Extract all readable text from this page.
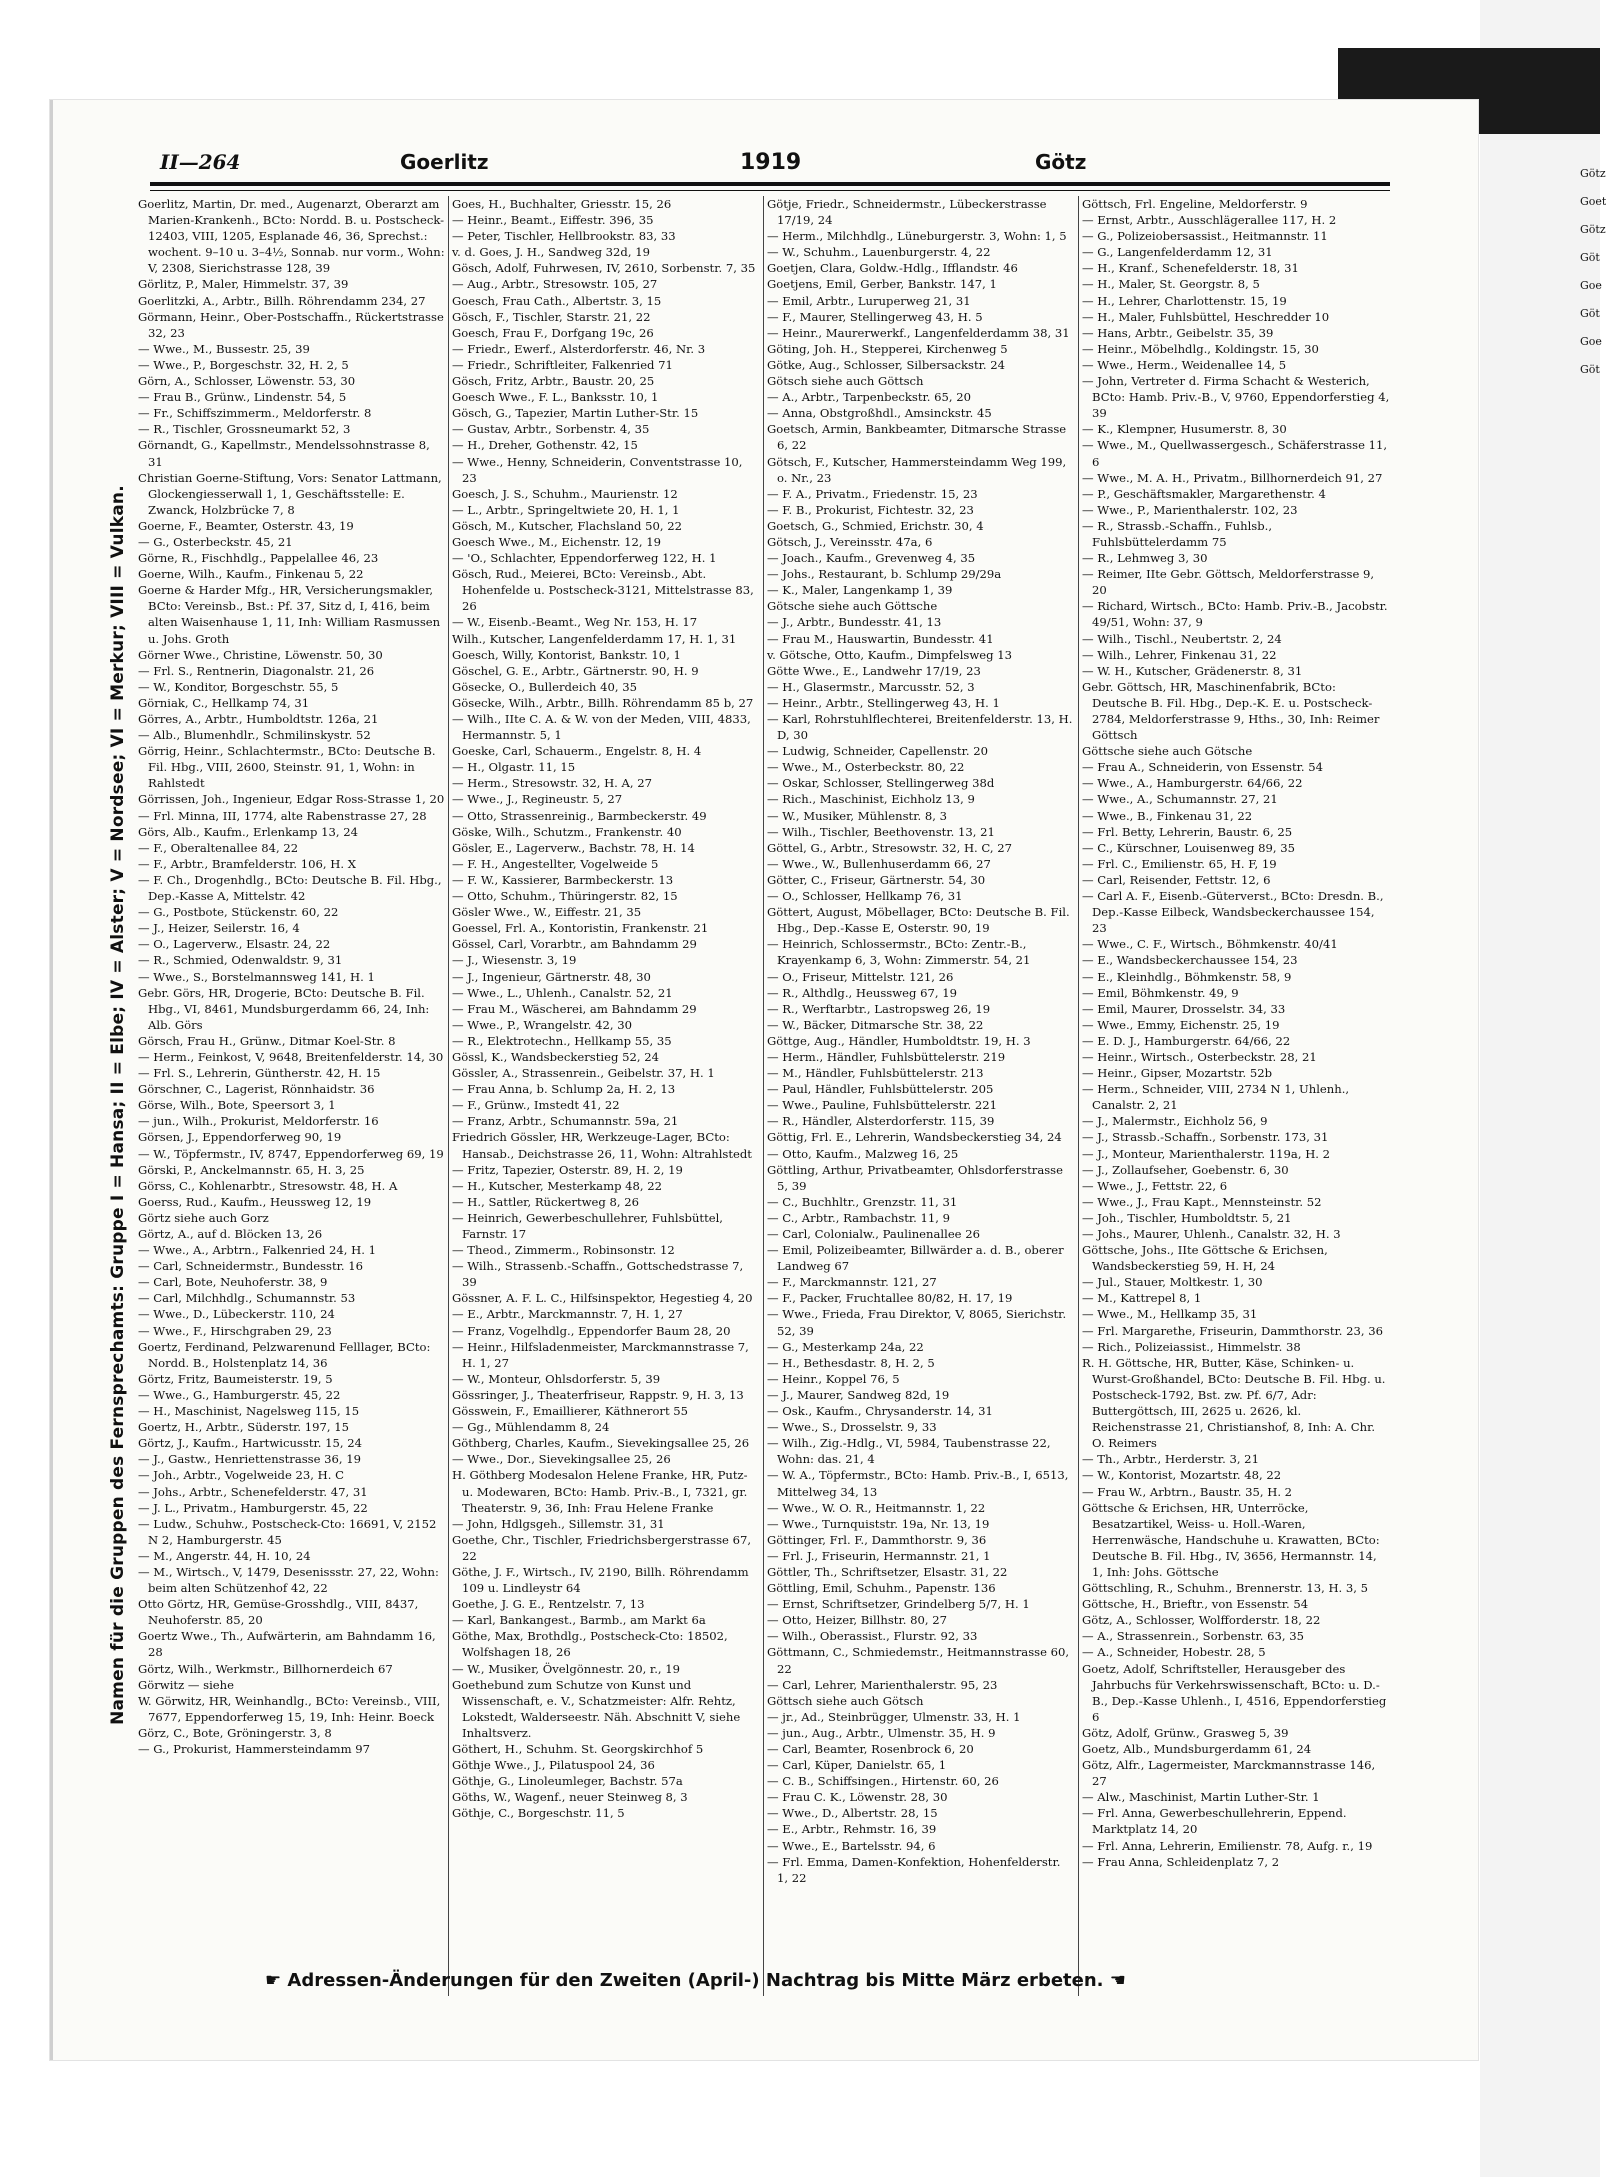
II—264	Goerlitz	1919	Götz
Namen für die Gruppen des Fernsprechamts: Gruppe I = Hansa; II = Elbe; IV = Alster; V = Nordsee; VI = Merkur; VIII = Vulkan.
Goerlitz, Martin, Dr. med., Augenarzt, Oberarzt am Marien-Krankenh., BCto: Nordd. B. u. Postscheck-12403, VIII, 1205, Esplanade 46, 36, Sprechst.: wochent. 9–10 u. 3–4½, Sonnab. nur vorm., Wohn: V, 2308, Sierichstrasse 128, 39
Görlitz, P., Maler, Himmelstr. 37, 39
Goerlitzki, A., Arbtr., Billh. Röhrendamm 234, 27
Görmann, Heinr., Ober-Postschaffn., Rückertstrasse 32, 23
— Wwe., M., Bussestr. 25, 39
— Wwe., P., Borgeschstr. 32, H. 2, 5
Görn, A., Schlosser, Löwenstr. 53, 30
— Frau B., Grünw., Lindenstr. 54, 5
— Fr., Schiffszimmerm., Meldorferstr. 8
— R., Tischler, Grossneumarkt 52, 3
Görnandt, G., Kapellmstr., Mendelssohnstrasse 8, 31
Christian Goerne-Stiftung, Vors: Senator Lattmann, Glockengiesserwall 1, 1, Geschäftsstelle: E. Zwanck, Holzbrücke 7, 8
Goerne, F., Beamter, Osterstr. 43, 19
— G., Osterbeckstr. 45, 21
Görne, R., Fischhdlg., Pappelallee 46, 23
Goerne, Wilh., Kaufm., Finkenau 5, 22
Goerne & Harder Mfg., HR, Versicherungsmakler, BCto: Vereinsb., Bst.: Pf. 37, Sitz d, I, 416, beim alten Waisenhause 1, 11, Inh: William Rasmussen u. Johs. Groth
Görner Wwe., Christine, Löwenstr. 50, 30
— Frl. S., Rentnerin, Diagonalstr. 21, 26
— W., Konditor, Borgeschstr. 55, 5
Görniak, C., Hellkamp 74, 31
Görres, A., Arbtr., Humboldtstr. 126a, 21
— Alb., Blumenhdlr., Schmilinskystr. 52
Görrig, Heinr., Schlachtermstr., BCto: Deutsche B. Fil. Hbg., VIII, 2600, Steinstr. 91, 1, Wohn: in Rahlstedt
Görrissen, Joh., Ingenieur, Edgar Ross-Strasse 1, 20
— Frl. Minna, III, 1774, alte Rabenstrasse 27, 28
Görs, Alb., Kaufm., Erlenkamp 13, 24
— F., Oberaltenallee 84, 22
— F., Arbtr., Bramfelderstr. 106, H. X
— F. Ch., Drogenhdlg., BCto: Deutsche B. Fil. Hbg., Dep.-Kasse A, Mittelstr. 42
— G., Postbote, Stückenstr. 60, 22
— J., Heizer, Seilerstr. 16, 4
— O., Lagerverw., Elsastr. 24, 22
— R., Schmied, Odenwaldstr. 9, 31
— Wwe., S., Borstelmannsweg 141, H. 1
Gebr. Görs, HR, Drogerie, BCto: Deutsche B. Fil. Hbg., VI, 8461, Mundsburgerdamm 66, 24, Inh: Alb. Görs
Görsch, Frau H., Grünw., Ditmar Koel-Str. 8
— Herm., Feinkost, V, 9648, Breitenfelderstr. 14, 30
— Frl. S., Lehrerin, Güntherstr. 42, H. 15
Görschner, C., Lagerist, Rönnhaidstr. 36
Görse, Wilh., Bote, Speersort 3, 1
— jun., Wilh., Prokurist, Meldorferstr. 16
Görsen, J., Eppendorferweg 90, 19
— W., Töpfermstr., IV, 8747, Eppendorferweg 69, 19
Görski, P., Anckelmannstr. 65, H. 3, 25
Görss, C., Kohlenarbtr., Stresowstr. 48, H. A
Goerss, Rud., Kaufm., Heussweg 12, 19
Görtz siehe auch Gorz
Görtz, A., auf d. Blöcken 13, 26
— Wwe., A., Arbtrn., Falkenried 24, H. 1
— Carl, Schneidermstr., Bundesstr. 16
— Carl, Bote, Neuhoferstr. 38, 9
— Carl, Milchhdlg., Schumannstr. 53
— Wwe., D., Lübeckerstr. 110, 24
— Wwe., F., Hirschgraben 29, 23
Goertz, Ferdinand, Pelzwarenund Felllager, BCto: Nordd. B., Holstenplatz 14, 36
Görtz, Fritz, Baumeisterstr. 19, 5
— Wwe., G., Hamburgerstr. 45, 22
— H., Maschinist, Nagelsweg 115, 15
Goertz, H., Arbtr., Süderstr. 197, 15
Görtz, J., Kaufm., Hartwicusstr. 15, 24
— J., Gastw., Henriettenstrasse 36, 19
— Joh., Arbtr., Vogelweide 23, H. C
— Johs., Arbtr., Schenefelderstr. 47, 31
— J. L., Privatm., Hamburgerstr. 45, 22
— Ludw., Schuhw., Postscheck-Cto: 16691, V, 2152 N 2, Hamburgerstr. 45
— M., Angerstr. 44, H. 10, 24
— M., Wirtsch., V, 1479, Desenissstr. 27, 22, Wohn: beim alten Schützenhof 42, 22
Otto Görtz, HR, Gemüse-Grosshdlg., VIII, 8437, Neuhoferstr. 85, 20
Goertz Wwe., Th., Aufwärterin, am Bahndamm 16, 28
Görtz, Wilh., Werkmstr., Billhornerdeich 67
Görwitz — siehe
W. Görwitz, HR, Weinhandlg., BCto: Vereinsb., VIII, 7677, Eppendorferweg 15, 19, Inh: Heinr. Boeck
Görz, C., Bote, Gröningerstr. 3, 8
— G., Prokurist, Hammersteindamm 97
Goes, H., Buchhalter, Griesstr. 15, 26
— Heinr., Beamt., Eiffestr. 396, 35
— Peter, Tischler, Hellbrookstr. 83, 33
v. d. Goes, J. H., Sandweg 32d, 19
Gösch, Adolf, Fuhrwesen, IV, 2610, Sorbenstr. 7, 35
— Aug., Arbtr., Stresowstr. 105, 27
Goesch, Frau Cath., Albertstr. 3, 15
Gösch, F., Tischler, Starstr. 21, 22
Goesch, Frau F., Dorfgang 19c, 26
— Friedr., Ewerf., Alsterdorferstr. 46, Nr. 3
— Friedr., Schriftleiter, Falkenried 71
Gösch, Fritz, Arbtr., Baustr. 20, 25
Goesch Wwe., F. L., Banksstr. 10, 1
Gösch, G., Tapezier, Martin Luther-Str. 15
— Gustav, Arbtr., Sorbenstr. 4, 35
— H., Dreher, Gothenstr. 42, 15
— Wwe., Henny, Schneiderin, Conventstrasse 10, 23
Goesch, J. S., Schuhm., Maurienstr. 12
— L., Arbtr., Springeltwiete 20, H. 1, 1
Gösch, M., Kutscher, Flachsland 50, 22
Goesch Wwe., M., Eichenstr. 12, 19
— 'O., Schlachter, Eppendorferweg 122, H. 1
Gösch, Rud., Meierei, BCto: Vereinsb., Abt. Hohenfelde u. Postscheck-3121, Mittelstrasse 83, 26
— W., Eisenb.-Beamt., Weg Nr. 153, H. 17
Wilh., Kutscher, Langenfelderdamm 17, H. 1, 31
Goesch, Willy, Kontorist, Bankstr. 10, 1
Göschel, G. E., Arbtr., Gärtnerstr. 90, H. 9
Gösecke, O., Bullerdeich 40, 35
Gösecke, Wilh., Arbtr., Billh. Röhrendamm 85 b, 27
— Wilh., IIte C. A. & W. von der Meden, VIII, 4833, Hermannstr. 5, 1
Goeske, Carl, Schauerm., Engelstr. 8, H. 4
— H., Olgastr. 11, 15
— Herm., Stresowstr. 32, H. A, 27
— Wwe., J., Regineustr. 5, 27
— Otto, Strassenreinig., Barmbeckerstr. 49
Göske, Wilh., Schutzm., Frankenstr. 40
Gösler, E., Lagerverw., Bachstr. 78, H. 14
— F. H., Angestellter, Vogelweide 5
— F. W., Kassierer, Barmbeckerstr. 13
— Otto, Schuhm., Thüringerstr. 82, 15
Gösler Wwe., W., Eiffestr. 21, 35
Goessel, Frl. A., Kontoristin, Frankenstr. 21
Gössel, Carl, Vorarbtr., am Bahndamm 29
— J., Wiesenstr. 3, 19
— J., Ingenieur, Gärtnerstr. 48, 30
— Wwe., L., Uhlenh., Canalstr. 52, 21
— Frau M., Wäscherei, am Bahndamm 29
— Wwe., P., Wrangelstr. 42, 30
— R., Elektrotechn., Hellkamp 55, 35
Gössl, K., Wandsbeckerstieg 52, 24
Gössler, A., Strassenrein., Geibelstr. 37, H. 1
— Frau Anna, b. Schlump 2a, H. 2, 13
— F., Grünw., Imstedt 41, 22
— Franz, Arbtr., Schumannstr. 59a, 21
Friedrich Gössler, HR, Werkzeuge-Lager, BCto: Hansab., Deichstrasse 26, 11, Wohn: Altrahlstedt
— Fritz, Tapezier, Osterstr. 89, H. 2, 19
— H., Kutscher, Mesterkamp 48, 22
— H., Sattler, Rückertweg 8, 26
— Heinrich, Gewerbeschullehrer, Fuhlsbüttel, Farnstr. 17
— Theod., Zimmerm., Robinsonstr. 12
— Wilh., Strassenb.-Schaffn., Gottschedstrasse 7, 39
Gössner, A. F. L. C., Hilfsinspektor, Hegestieg 4, 20
— E., Arbtr., Marckmannstr. 7, H. 1, 27
— Franz, Vogelhdlg., Eppendorfer Baum 28, 20
— Heinr., Hilfsladenmeister, Marckmannstrasse 7, H. 1, 27
— W., Monteur, Ohlsdorferstr. 5, 39
Gössringer, J., Theaterfriseur, Rappstr. 9, H. 3, 13
Gösswein, F., Emaillierer, Käthnerort 55
— Gg., Mühlendamm 8, 24
Göthberg, Charles, Kaufm., Sievekingsallee 25, 26
— Wwe., Dor., Sievekingsallee 25, 26
H. Göthberg Modesalon Helene Franke, HR, Putz- u. Modewaren, BCto: Hamb. Priv.-B., I, 7321, gr. Theaterstr. 9, 36, Inh: Frau Helene Franke
— John, Hdlgsgeh., Sillemstr. 31, 31
Goethe, Chr., Tischler, Friedrichsbergerstrasse 67, 22
Göthe, J. F., Wirtsch., IV, 2190, Billh. Röhrendamm 109 u. Lindleystr 64
Goethe, J. G. E., Rentzelstr. 7, 13
— Karl, Bankangest., Barmb., am Markt 6a
Göthe, Max, Brothdlg., Postscheck-Cto: 18502, Wolfshagen 18, 26
— W., Musiker, Övelgönnestr. 20, r., 19
Goethebund zum Schutze von Kunst und Wissenschaft, e. V., Schatzmeister: Alfr. Rehtz, Lokstedt, Walderseestr. Näh. Abschnitt V, siehe Inhaltsverz.
Göthert, H., Schuhm. St. Georgskirchhof 5
Göthje Wwe., J., Pilatuspool 24, 36
Göthje, G., Linoleumleger, Bachstr. 57a
Göths, W., Wagenf., neuer Steinweg 8, 3
Göthje, C., Borgeschstr. 11, 5
Götje, Friedr., Schneidermstr., Lübeckerstrasse 17/19, 24
— Herm., Milchhdlg., Lüneburgerstr. 3, Wohn: 1, 5
— W., Schuhm., Lauenburgerstr. 4, 22
Goetjen, Clara, Goldw.-Hdlg., Ifflandstr. 46
Goetjens, Emil, Gerber, Bankstr. 147, 1
— Emil, Arbtr., Luruperweg 21, 31
— F., Maurer, Stellingerweg 43, H. 5
— Heinr., Maurerwerkf., Langenfelderdamm 38, 31
Göting, Joh. H., Stepperei, Kirchenweg 5
Götke, Aug., Schlosser, Silbersackstr. 24
Götsch siehe auch Göttsch
— A., Arbtr., Tarpenbeckstr. 65, 20
— Anna, Obstgroßhdl., Amsinckstr. 45
Goetsch, Armin, Bankbeamter, Ditmarsche Strasse 6, 22
Götsch, F., Kutscher, Hammersteindamm Weg 199, o. Nr., 23
— F. A., Privatm., Friedenstr. 15, 23
— F. B., Prokurist, Fichtestr. 32, 23
Goetsch, G., Schmied, Erichstr. 30, 4
Götsch, J., Vereinsstr. 47a, 6
— Joach., Kaufm., Grevenweg 4, 35
— Johs., Restaurant, b. Schlump 29/29a
— K., Maler, Langenkamp 1, 39
Götsche siehe auch Göttsche
— J., Arbtr., Bundesstr. 41, 13
— Frau M., Hauswartin, Bundesstr. 41
v. Götsche, Otto, Kaufm., Dimpfelsweg 13
Götte Wwe., E., Landwehr 17/19, 23
— H., Glasermstr., Marcusstr. 52, 3
— Heinr., Arbtr., Stellingerweg 43, H. 1
— Karl, Rohrstuhlflechterei, Breitenfelderstr. 13, H. D, 30
— Ludwig, Schneider, Capellenstr. 20
— Wwe., M., Osterbeckstr. 80, 22
— Oskar, Schlosser, Stellingerweg 38d
— Rich., Maschinist, Eichholz 13, 9
— W., Musiker, Mühlenstr. 8, 3
— Wilh., Tischler, Beethovenstr. 13, 21
Göttel, G., Arbtr., Stresowstr. 32, H. C, 27
— Wwe., W., Bullenhuserdamm 66, 27
Götter, C., Friseur, Gärtnerstr. 54, 30
— O., Schlosser, Hellkamp 76, 31
Göttert, August, Möbellager, BCto: Deutsche B. Fil. Hbg., Dep.-Kasse E, Osterstr. 90, 19
— Heinrich, Schlossermstr., BCto: Zentr.-B., Krayenkamp 6, 3, Wohn: Zimmerstr. 54, 21
— O., Friseur, Mittelstr. 121, 26
— R., Althdlg., Heussweg 67, 19
— R., Werftarbtr., Lastropsweg 26, 19
— W., Bäcker, Ditmarsche Str. 38, 22
Göttge, Aug., Händler, Humboldtstr. 19, H. 3
— Herm., Händler, Fuhlsbüttelerstr. 219
— M., Händler, Fuhlsbüttelerstr. 213
— Paul, Händler, Fuhlsbüttelerstr. 205
— Wwe., Pauline, Fuhlsbüttelerstr. 221
— R., Händler, Alsterdorferstr. 115, 39
Göttig, Frl. E., Lehrerin, Wandsbeckerstieg 34, 24
— Otto, Kaufm., Malzweg 16, 25
Göttling, Arthur, Privatbeamter, Ohlsdorferstrasse 5, 39
— C., Buchhltr., Grenzstr. 11, 31
— C., Arbtr., Rambachstr. 11, 9
— Carl, Colonialw., Paulinenallee 26
— Emil, Polizeibeamter, Billwärder a. d. B., oberer Landweg 67
— F., Marckmannstr. 121, 27
— F., Packer, Fruchtallee 80/82, H. 17, 19
— Wwe., Frieda, Frau Direktor, V, 8065, Sierichstr. 52, 39
— G., Mesterkamp 24a, 22
— H., Bethesdastr. 8, H. 2, 5
— Heinr., Koppel 76, 5
— J., Maurer, Sandweg 82d, 19
— Osk., Kaufm., Chrysanderstr. 14, 31
— Wwe., S., Drosselstr. 9, 33
— Wilh., Zig.-Hdlg., VI, 5984, Taubenstrasse 22, Wohn: das. 21, 4
— W. A., Töpfermstr., BCto: Hamb. Priv.-B., I, 6513, Mittelweg 34, 13
— Wwe., W. O. R., Heitmannstr. 1, 22
— Wwe., Turnquiststr. 19a, Nr. 13, 19
Göttinger, Frl. F., Dammthorstr. 9, 36
— Frl. J., Friseurin, Hermannstr. 21, 1
Göttler, Th., Schriftsetzer, Elsastr. 31, 22
Göttling, Emil, Schuhm., Papenstr. 136
— Ernst, Schriftsetzer, Grindelberg 5/7, H. 1
— Otto, Heizer, Billhstr. 80, 27
— Wilh., Oberassist., Flurstr. 92, 33
Göttmann, C., Schmiedemstr., Heitmannstrasse 60, 22
— Carl, Lehrer, Marienthalerstr. 95, 23
Göttsch siehe auch Götsch
— jr., Ad., Steinbrügger, Ulmenstr. 33, H. 1
— jun., Aug., Arbtr., Ulmenstr. 35, H. 9
— Carl, Beamter, Rosenbrock 6, 20
— Carl, Küper, Danielstr. 65, 1
— C. B., Schiffsingen., Hirtenstr. 60, 26
— Frau C. K., Löwenstr. 28, 30
— Wwe., D., Albertstr. 28, 15
— E., Arbtr., Rehmstr. 16, 39
— Wwe., E., Bartelsstr. 94, 6
— Frl. Emma, Damen-Konfektion, Hohenfelderstr. 1, 22
Göttsch, Frl. Engeline, Meldorferstr. 9
— Ernst, Arbtr., Ausschlägerallee 117, H. 2
— G., Polizeiobersassist., Heitmannstr. 11
— G., Langenfelderdamm 12, 31
— H., Kranf., Schenefelderstr. 18, 31
— H., Maler, St. Georgstr. 8, 5
— H., Lehrer, Charlottenstr. 15, 19
— H., Maler, Fuhlsbüttel, Heschredder 10
— Hans, Arbtr., Geibelstr. 35, 39
— Heinr., Möbelhdlg., Koldingstr. 15, 30
— Wwe., Herm., Weidenallee 14, 5
— John, Vertreter d. Firma Schacht & Westerich, BCto: Hamb. Priv.-B., V, 9760, Eppendorferstieg 4, 39
— K., Klempner, Husumerstr. 8, 30
— Wwe., M., Quellwassergesch., Schäferstrasse 11, 6
— Wwe., M. A. H., Privatm., Billhornerdeich 91, 27
— P., Geschäftsmakler, Margarethenstr. 4
— Wwe., P., Marienthalerstr. 102, 23
— R., Strassb.-Schaffn., Fuhlsb., Fuhlsbüttelerdamm 75
— R., Lehmweg 3, 30
— Reimer, IIte Gebr. Göttsch, Meldorferstrasse 9, 20
— Richard, Wirtsch., BCto: Hamb. Priv.-B., Jacobstr. 49/51, Wohn: 37, 9
— Wilh., Tischl., Neubertstr. 2, 24
— Wilh., Lehrer, Finkenau 31, 22
— W. H., Kutscher, Grädenerstr. 8, 31
Gebr. Göttsch, HR, Maschinenfabrik, BCto: Deutsche B. Fil. Hbg., Dep.-K. E. u. Postscheck-2784, Meldorferstrasse 9, Hths., 30, Inh: Reimer Göttsch
Göttsche siehe auch Götsche
— Frau A., Schneiderin, von Essenstr. 54
— Wwe., A., Hamburgerstr. 64/66, 22
— Wwe., A., Schumannstr. 27, 21
— Wwe., B., Finkenau 31, 22
— Frl. Betty, Lehrerin, Baustr. 6, 25
— C., Kürschner, Louisenweg 89, 35
— Frl. C., Emilienstr. 65, H. F, 19
— Carl, Reisender, Fettstr. 12, 6
— Carl A. F., Eisenb.-Güterverst., BCto: Dresdn. B., Dep.-Kasse Eilbeck, Wandsbeckerchaussee 154, 23
— Wwe., C. F., Wirtsch., Böhmkenstr. 40/41
— E., Wandsbeckerchaussee 154, 23
— E., Kleinhdlg., Böhmkenstr. 58, 9
— Emil, Böhmkenstr. 49, 9
— Emil, Maurer, Drosselstr. 34, 33
— Wwe., Emmy, Eichenstr. 25, 19
— E. D. J., Hamburgerstr. 64/66, 22
— Heinr., Wirtsch., Osterbeckstr. 28, 21
— Heinr., Gipser, Mozartstr. 52b
— Herm., Schneider, VIII, 2734 N 1, Uhlenh., Canalstr. 2, 21
— J., Malermstr., Eichholz 56, 9
— J., Strassb.-Schaffn., Sorbenstr. 173, 31
— J., Monteur, Marienthalerstr. 119a, H. 2
— J., Zollaufseher, Goebenstr. 6, 30
— Wwe., J., Fettstr. 22, 6
— Wwe., J., Frau Kapt., Mennsteinstr. 52
— Joh., Tischler, Humboldtstr. 5, 21
— Johs., Maurer, Uhlenh., Canalstr. 32, H. 3
Göttsche, Johs., IIte Göttsche & Erichsen, Wandsbeckerstieg 59, H. H, 24
— Jul., Stauer, Moltkestr. 1, 30
— M., Kattrepel 8, 1
— Wwe., M., Hellkamp 35, 31
— Frl. Margarethe, Friseurin, Dammthorstr. 23, 36
— Rich., Polizeiassist., Himmelstr. 38
R. H. Göttsche, HR, Butter, Käse, Schinken- u. Wurst-Großhandel, BCto: Deutsche B. Fil. Hbg. u. Postscheck-1792, Bst. zw. Pf. 6/7, Adr: Buttergöttsch, III, 2625 u. 2626, kl. Reichenstrasse 21, Christianshof, 8, Inh: A. Chr. O. Reimers
— Th., Arbtr., Herderstr. 3, 21
— W., Kontorist, Mozartstr. 48, 22
— Frau W., Arbtrn., Baustr. 35, H. 2
Göttsche & Erichsen, HR, Unterröcke, Besatzartikel, Weiss- u. Holl.-Waren, Herrenwäsche, Handschuhe u. Krawatten, BCto: Deutsche B. Fil. Hbg., IV, 3656, Hermannstr. 14, 1, Inh: Johs. Göttsche
Göttschling, R., Schuhm., Brennerstr. 13, H. 3, 5
Göttsche, H., Brieftr., von Essenstr. 54
Götz, A., Schlosser, Wolfforderstr. 18, 22
— A., Strassenrein., Sorbenstr. 63, 35
— A., Schneider, Hobestr. 28, 5
Goetz, Adolf, Schriftsteller, Herausgeber des Jahrbuchs für Verkehrswissenschaft, BCto: u. D.-B., Dep.-Kasse Uhlenh., I, 4516, Eppendorferstieg 6
Götz, Adolf, Grünw., Grasweg 5, 39
Goetz, Alb., Mundsburgerdamm 61, 24
Götz, Alfr., Lagermeister, Marckmannstrasse 146, 27
— Alw., Maschinist, Martin Luther-Str. 1
— Frl. Anna, Gewerbeschullehrerin, Eppend. Marktplatz 14, 20
— Frl. Anna, Lehrerin, Emilienstr. 78, Aufg. r., 19
— Frau Anna, Schleidenplatz 7, 2
☛ Adressen-Änderungen für den Zweiten (April-) Nachtrag bis Mitte März erbeten. ☚
Götz
Goet
Götz
Göt
Goe
Göt
Goe
Göt
